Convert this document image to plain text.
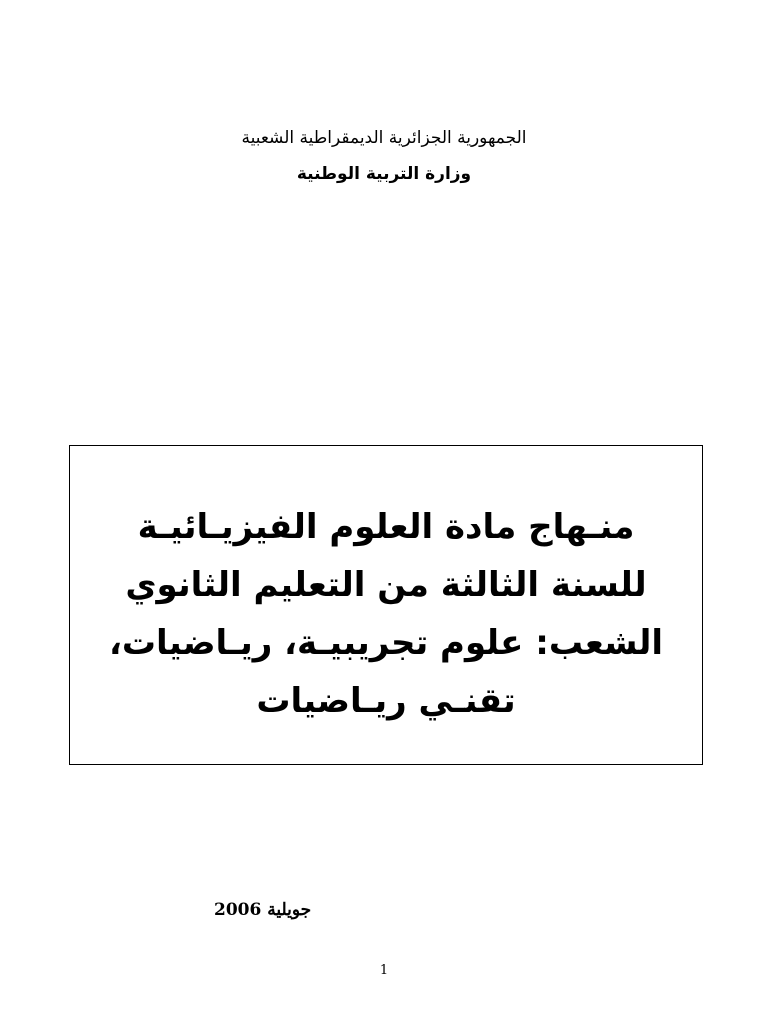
الجمهورية الجزائرية الديمقراطية الشعبية
وزارة التربية الوطنية
منـهاج مادة العلوم الفيزيـائيـة
للسنة الثالثة من التعليم الثانوي
الشعب: علوم تجريبيـة، ريـاضيات،
تقنـي ريـاضيات
جويلية 2006
1
